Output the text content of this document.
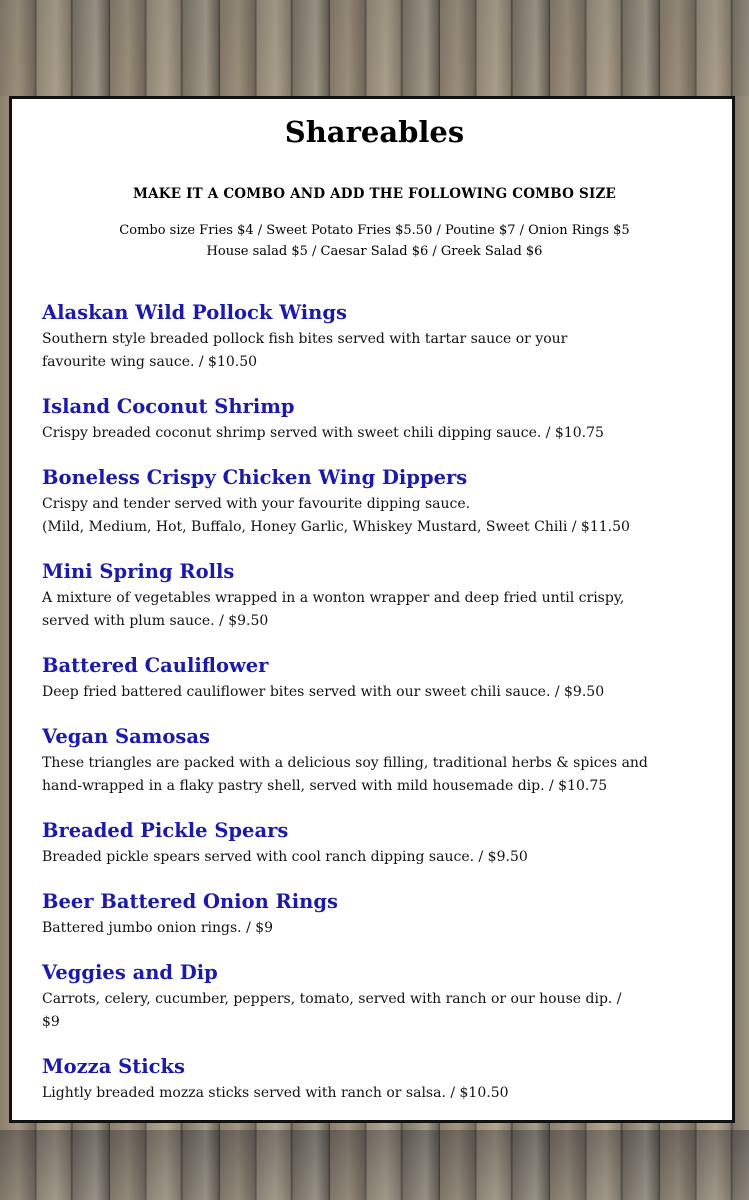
Shareables
MAKE IT A COMBO AND ADD THE FOLLOWING COMBO SIZE
Combo size Fries $4 / Sweet Potato Fries $5.50 / Poutine $7 / Onion Rings $5
House salad $5 / Caesar Salad $6 / Greek Salad $6
Alaskan Wild Pollock Wings
Southern style breaded pollock fish bites served with tartar sauce or your
favourite wing sauce. / $10.50
Island Coconut Shrimp
Crispy breaded coconut shrimp served with sweet chili dipping sauce. / $10.75
Boneless Crispy Chicken Wing Dippers
Crispy and tender served with your favourite dipping sauce.
(Mild, Medium, Hot, Buffalo, Honey Garlic, Whiskey Mustard, Sweet Chili / $11.50
Mini Spring Rolls
A mixture of vegetables wrapped in a wonton wrapper and deep fried until crispy,
served with plum sauce. / $9.50
Battered Cauliflower
Deep fried battered cauliflower bites served with our sweet chili sauce. / $9.50
Vegan Samosas
These triangles are packed with a delicious soy filling, traditional herbs & spices and
hand-wrapped in a flaky pastry shell, served with mild housemade dip. / $10.75
Breaded Pickle Spears
Breaded pickle spears served with cool ranch dipping sauce. / $9.50
Beer Battered Onion Rings
Battered jumbo onion rings. / $9
Veggies and Dip
Carrots, celery, cucumber, peppers, tomato, served with ranch or our house dip. /
$9
Mozza Sticks
Lightly breaded mozza sticks served with ranch or salsa. / $10.50
